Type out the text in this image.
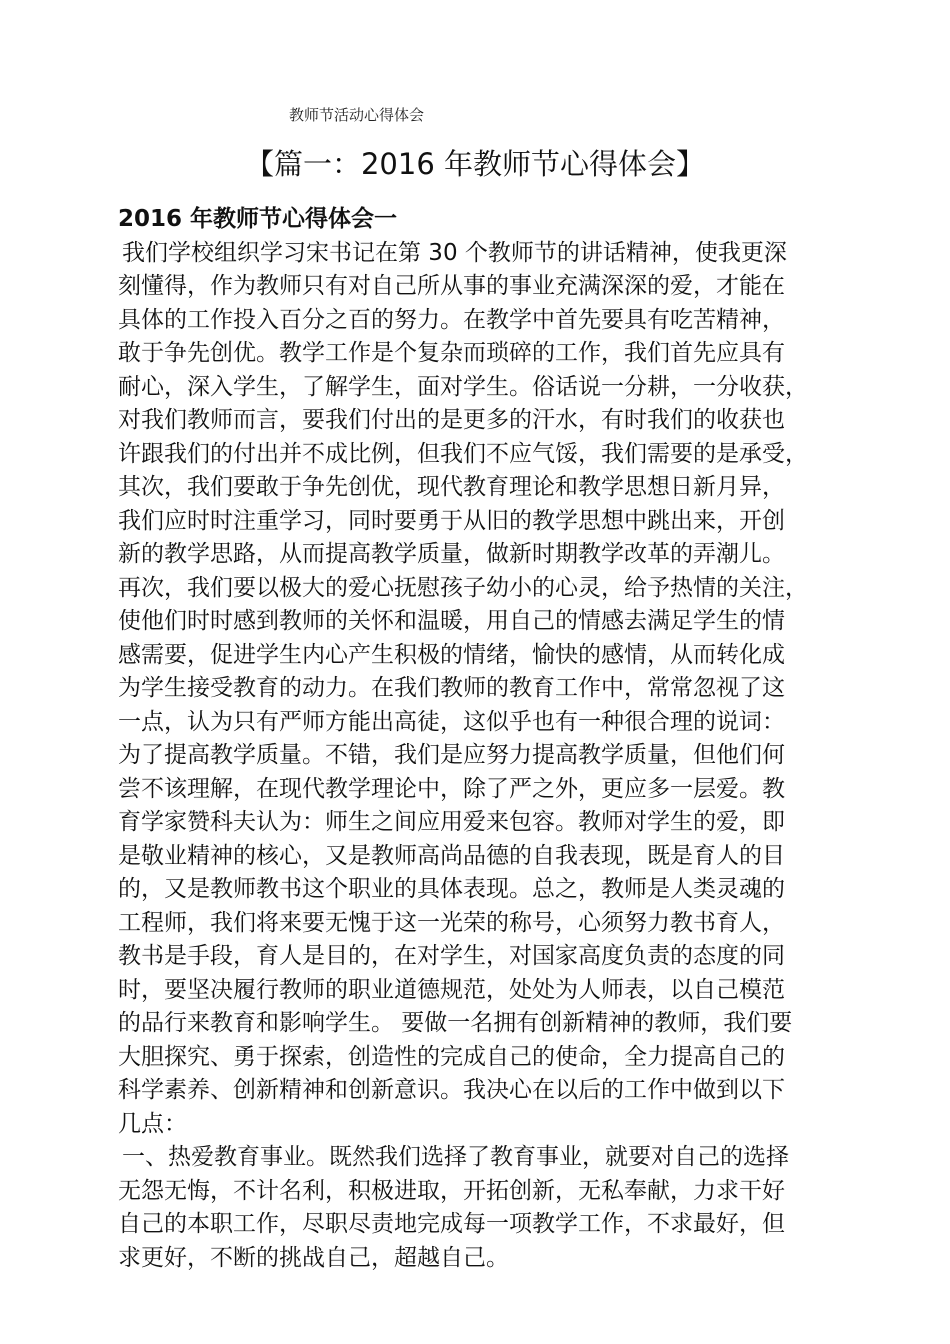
教师节活动心得体会
【篇一：2016 年教师节心得体会】
2016 年教师节心得体会一
我们学校组织学习宋书记在第 30 个教师节的讲话精神，使我更深
刻懂得，作为教师只有对自己所从事的事业充满深深的爱，才能在
具体的工作投入百分之百的努力。在教学中首先要具有吃苦精神，
敢于争先创优。教学工作是个复杂而琐碎的工作，我们首先应具有
耐心，深入学生，了解学生，面对学生。俗话说一分耕，一分收获，
对我们教师而言，要我们付出的是更多的汗水，有时我们的收获也
许跟我们的付出并不成比例，但我们不应气馁，我们需要的是承受，
其次，我们要敢于争先创优，现代教育理论和教学思想日新月异，
我们应时时注重学习，同时要勇于从旧的教学思想中跳出来，开创
新的教学思路，从而提高教学质量，做新时期教学改革的弄潮儿。
再次，我们要以极大的爱心抚慰孩子幼小的心灵，给予热情的关注，
使他们时时感到教师的关怀和温暖，用自己的情感去满足学生的情
感需要，促进学生内心产生积极的情绪，愉快的感情，从而转化成
为学生接受教育的动力。在我们教师的教育工作中，常常忽视了这
一点，认为只有严师方能出高徒，这似乎也有一种很合理的说词：
为了提高教学质量。不错，我们是应努力提高教学质量，但他们何
尝不该理解，在现代教学理论中，除了严之外，更应多一层爱。教
育学家赞科夫认为：师生之间应用爱来包容。教师对学生的爱，即
是敬业精神的核心，又是教师高尚品德的自我表现，既是育人的目
的，又是教师教书这个职业的具体表现。总之，教师是人类灵魂的
工程师，我们将来要无愧于这一光荣的称号，心须努力教书育人，
教书是手段，育人是目的，在对学生，对国家高度负责的态度的同
时，要坚决履行教师的职业道德规范，处处为人师表，以自己模范
的品行来教育和影响学生。 要做一名拥有创新精神的教师，我们要
大胆探究、勇于探索，创造性的完成自己的使命，全力提高自己的
科学素养、创新精神和创新意识。我决心在以后的工作中做到以下
几点：
一、热爱教育事业。既然我们选择了教育事业，就要对自己的选择
无怨无悔，不计名利，积极进取，开拓创新，无私奉献，力求干好
自己的本职工作，尽职尽责地完成每一项教学工作，不求最好，但
求更好，不断的挑战自己，超越自己。
